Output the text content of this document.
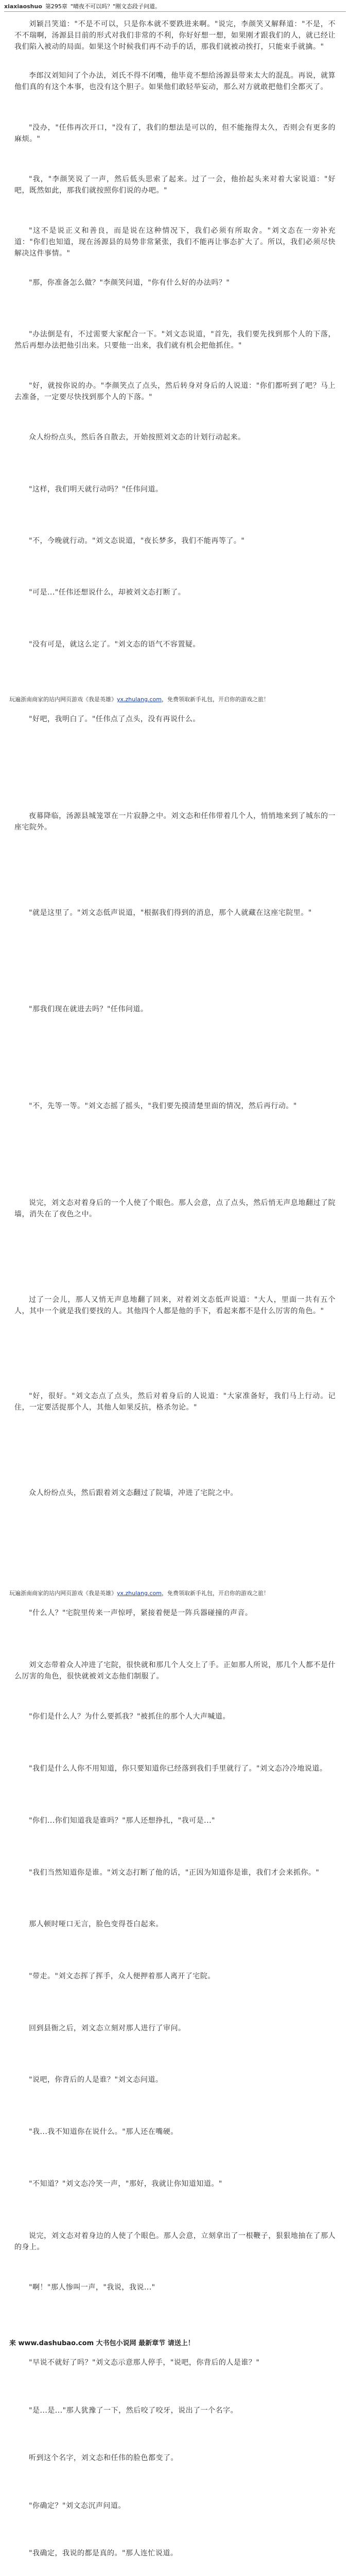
xiaxiaoshuo 第295章 "晴夜不可以吗？"刚文态段子问道。
刘颖吕笑道："不是不可以，只是你本就不要跌进来啊。"说完，李颜笑又解释道："不是，不不不瑞啊，汤源县目前的形式对我们非常的不利，你好好想一想，如果刚才跟我们的人，就已经让我们陷入被动的局面。如果这个时候我们再不动手的话，那我们就被动挨打，只能束手就擒。"
李郎汉刘知问了个办法，刘氏不得不闭嘴，他毕竟不想给汤源县带来太大的混乱。再说，就算他们真的有这个本事，也没有这个胆子。如果他们敢轻举妄动，那么对方就敢把他们全都灭了。
"没办，"任伟再次开口，"没有了，我们的想法是可以的，但不能拖得太久，否则会有更多的麻烦。"
"我，"李颜笑说了一声，然后低头思索了起来。过了一会，他抬起头来对着大家说道："好吧，既然如此，那我们就按照你们说的办吧。"
"这不是说正义和善良，而是说在这种情况下，我们必须有所取舍。"刘文态在一旁补充道："你们也知道，现在汤源县的局势非常紧张，我们不能再让事态扩大了。所以，我们必须尽快解决这件事情。"
"那，你准备怎么做？"李颜笑问道，"你有什么好的办法吗？"
"办法倒是有，不过需要大家配合一下。"刘文态说道，"首先，我们要先找到那个人的下落，然后再想办法把他引出来。只要他一出来，我们就有机会把他抓住。"
"好，就按你说的办。"李颜笑点了点头，然后转身对身后的人说道："你们都听到了吧？马上去准备，一定要尽快找到那个人的下落。"
众人纷纷点头，然后各自散去，开始按照刘文态的计划行动起来。
"这样，我们明天就行动吗？"任伟问道。
"不，今晚就行动。"刘文态说道，"夜长梦多，我们不能再等了。"
"可是..."任伟还想说什么，却被刘文态打断了。
"没有可是，就这么定了。"刘文态的语气不容置疑。
玩遍浙南商家的站内网页游戏《我是英雄》yx.zhulang.com，免费领取新手礼包，开启你的游戏之旅！
"好吧，我明白了。"任伟点了点头，没有再说什么。
夜幕降临，汤源县城笼罩在一片寂静之中。刘文态和任伟带着几个人，悄悄地来到了城东的一座宅院外。
"就是这里了。"刘文态低声说道，"根据我们得到的消息，那个人就藏在这座宅院里。"
"那我们现在就进去吗？"任伟问道。
"不，先等一等。"刘文态摇了摇头，"我们要先摸清楚里面的情况，然后再行动。"
说完，刘文态对着身后的一个人使了个眼色。那人会意，点了点头，然后悄无声息地翻过了院墙，消失在了夜色之中。
过了一会儿，那人又悄无声息地翻了回来，对着刘文态低声说道："大人，里面一共有五个人，其中一个就是我们要找的人。其他四个人都是他的手下，看起来都不是什么厉害的角色。"
"好，很好。"刘文态点了点头，然后对着身后的人说道："大家准备好，我们马上行动。记住，一定要活捉那个人，其他人如果反抗，格杀勿论。"
众人纷纷点头，然后跟着刘文态翻过了院墙，冲进了宅院之中。
玩遍浙南商家的站内网页游戏《我是英雄》yx.zhulang.com，免费领取新手礼包，开启你的游戏之旅！
"什么人？"宅院里传来一声惊呼，紧接着便是一阵兵器碰撞的声音。
刘文态带着众人冲进了宅院，很快就和那几个人交上了手。正如那人所说，那几个人都不是什么厉害的角色，很快就被刘文态他们制服了。
"你们是什么人？为什么要抓我？"被抓住的那个人大声喊道。
"我们是什么人你不用知道，你只要知道你已经落到我们手里就行了。"刘文态冷冷地说道。
"你们...你们知道我是谁吗？"那人还想挣扎，"我可是..."
"我们当然知道你是谁。"刘文态打断了他的话，"正因为知道你是谁，我们才会来抓你。"
那人顿时哑口无言，脸色变得苍白起来。
"带走。"刘文态挥了挥手，众人便押着那人离开了宅院。
回到县衙之后，刘文态立刻对那人进行了审问。
"说吧，你背后的人是谁？"刘文态问道。
"我...我不知道你在说什么。"那人还在嘴硬。
"不知道？"刘文态冷笑一声，"那好，我就让你知道知道。"
说完，刘文态对着身边的人使了个眼色。那人会意，立刻拿出了一根鞭子，狠狠地抽在了那人的身上。
"啊！"那人惨叫一声，"我说，我说..."
来 www.dashubao.com 大书包小说网 最新章节 请送上！
"早说不就好了吗？"刘文态示意那人停手，"说吧，你背后的人是谁？"
"是...是..."那人犹豫了一下，然后咬了咬牙，说出了一个名字。
听到这个名字，刘文态和任伟的脸色都变了。
"你确定？"刘文态沉声问道。
"我确定，我说的都是真的。"那人连忙说道。
